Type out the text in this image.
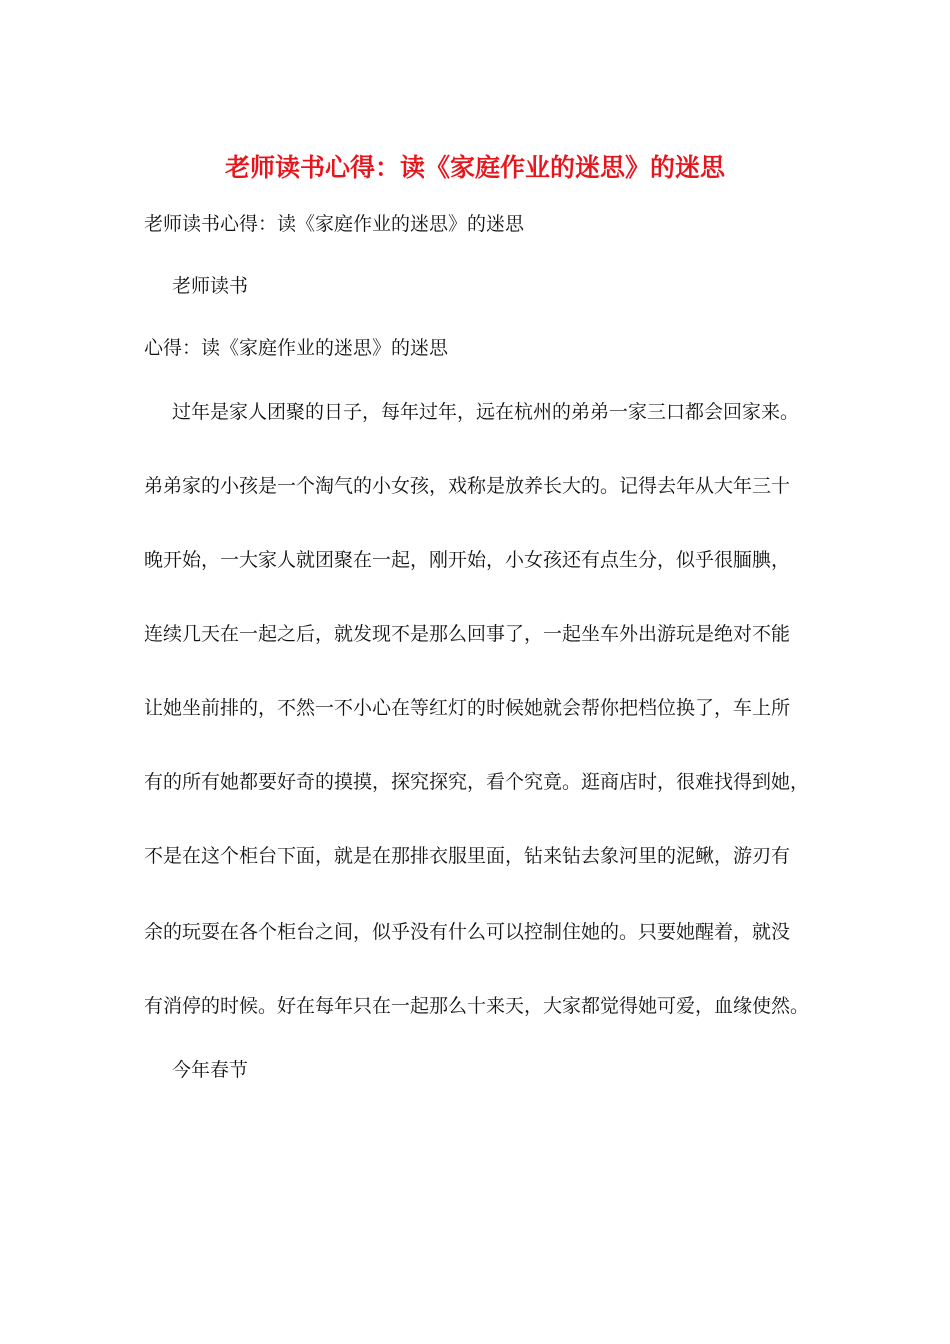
老师读书心得：读《家庭作业的迷思》的迷思
老师读书心得：读《家庭作业的迷思》的迷思
老师读书
心得：读《家庭作业的迷思》的迷思
过年是家人团聚的日子，每年过年，远在杭州的弟弟一家三口都会回家来。
弟弟家的小孩是一个淘气的小女孩，戏称是放养长大的。记得去年从大年三十
晚开始，一大家人就团聚在一起，刚开始，小女孩还有点生分，似乎很腼腆，
连续几天在一起之后，就发现不是那么回事了，一起坐车外出游玩是绝对不能
让她坐前排的，不然一不小心在等红灯的时候她就会帮你把档位换了，车上所
有的所有她都要好奇的摸摸，探究探究，看个究竟。逛商店时，很难找得到她，
不是在这个柜台下面，就是在那排衣服里面，钻来钻去象河里的泥鳅，游刃有
余的玩耍在各个柜台之间，似乎没有什么可以控制住她的。只要她醒着，就没
有消停的时候。好在每年只在一起那么十来天，大家都觉得她可爱，血缘使然。
今年春节
